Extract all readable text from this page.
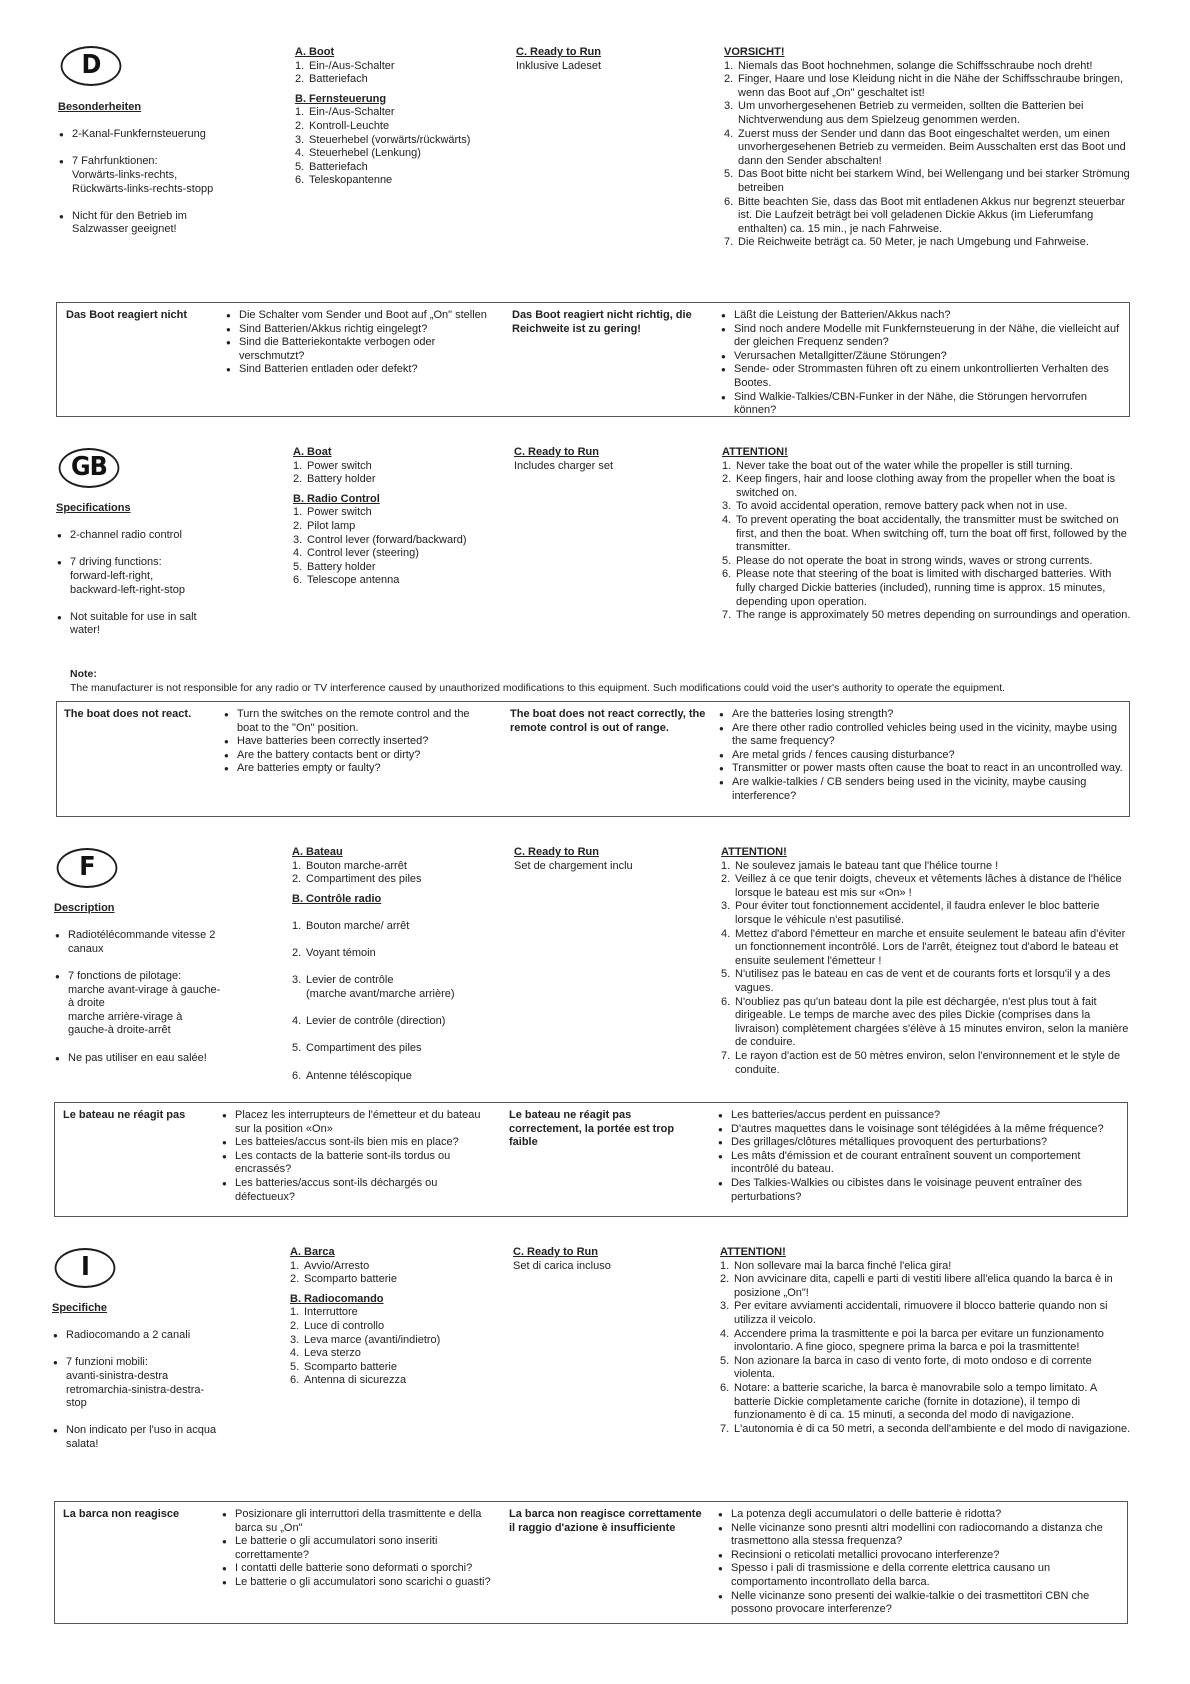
D
Besonderheiten

● 2-Kanal-Funkfernsteuerung

● 7 Fahrfunktionen:
Vorwärts-links-rechts,
Rückwärts-links-rechts-stopp

● Nicht für den Betrieb im
Salzwasser geeignet!

A. Boot
1. Ein-/Aus-Schalter
2. Batteriefach
B. Fernsteuerung
1. Ein-/Aus-Schalter
2. Kontroll-Leuchte
3. Steuerhebel (vorwärts/rückwärts)
4. Steuerhebel (Lenkung)
5. Batteriefach
6. Teleskopantenne
C. Ready to Run
Inklusive Ladeset
VORSICHT!
1. Niemals das Boot hochnehmen, solange die Schiffsschraube noch dreht!
2. Finger, Haare und lose Kleidung nicht in die Nähe der Schiffsschraube bringen, wenn das Boot auf „On" geschaltet ist!
3. Um unvorhergesehenen Betrieb zu vermeiden, sollten die Batterien bei Nichtverwendung aus dem Spielzeug genommen werden.
4. Zuerst muss der Sender und dann das Boot eingeschaltet werden, um einen unvorhergesehenen Betrieb zu vermeiden. Beim Ausschalten erst das Boot und dann den Sender abschalten!
5. Das Boot bitte nicht bei starkem Wind, bei Wellengang und bei starker Strömung betreiben
6. Bitte beachten Sie, dass das Boot mit entladenen Akkus nur begrenzt steuerbar ist. Die Laufzeit beträgt bei voll geladenen Dickie Akkus (im Lieferumfang enthalten) ca. 15 min., je nach Fahrweise.
7. Die Reichweite beträgt ca. 50 Meter, je nach Umgebung und Fahrweise.
Das Boot reagiert nicht	● Die Schalter vom Sender und Boot auf „On" stellen
● Sind Batterien/Akkus richtig eingelegt?
● Sind die Batteriekontakte verbogen oder verschmutzt?
● Sind Batterien entladen oder defekt?
Das Boot reagiert nicht richtig, die Reichweite ist zu gering!
● Läßt die Leistung der Batterien/Akkus nach?
● Sind noch andere Modelle mit Funkfernsteuerung in der Nähe, die vielleicht auf der gleichen Frequenz senden?
● Verursachen Metallgitter/Zäune Störungen?
● Sende- oder Strommasten führen oft zu einem unkontrollierten Verhalten des Bootes.
● Sind Walkie-Talkies/CBN-Funker in der Nähe, die Störungen hervorrufen können?
GB
Specifications

● 2-channel radio control

● 7 driving functions:
forward-left-right,
backward-left-right-stop

● Not suitable for use in salt
water!

A. Boat
1. Power switch
2. Battery holder
B. Radio Control
1. Power switch
2. Pilot lamp
3. Control lever (forward/backward)
4. Control lever (steering)
5. Battery holder
6. Telescope antenna
C. Ready to Run
Includes charger set
ATTENTION!
1. Never take the boat out of the water while the propeller is still turning.
2. Keep fingers, hair and loose clothing away from the propeller when the boat is switched on.
3. To avoid accidental operation, remove battery pack when not in use.
4. To prevent operating the boat accidentally, the transmitter must be switched on first, and then the boat. When switching off, turn the boat off first, followed by the transmitter.
5. Please do not operate the boat in strong winds, waves or strong currents.
6. Please note that steering of the boat is limited with discharged batteries. With fully charged Dickie batteries (included), running time is approx. 15 minutes, depending upon operation.
7. The range is approximately 50 metres depending on surroundings and operation.
Note:
The manufacturer is not responsible for any radio or TV interference caused by unauthorized modifications to this equipment. Such modifications could void the user's authority to operate the equipment.
The boat does not react.	● Turn the switches on the remote control and the boat to the "On" position.
● Have batteries been correctly inserted?
● Are the battery contacts bent or dirty?
● Are batteries empty or faulty?
The boat does not react correctly, the remote control is out of range.
● Are the batteries losing strength?
● Are there other radio controlled vehicles being used in the vicinity, maybe using the same frequency?
● Are metal grids / fences causing disturbance?
● Transmitter or power masts often cause the boat to react in an uncontrolled way.
● Are walkie-talkies / CB senders being used in the vicinity, maybe causing interference?
F
Description

● Radiotélécommande vitesse 2
canaux

● 7 fonctions de pilotage:
marche avant-virage à gauche-
à droite
marche arrière-virage à
gauche-à droite-arrêt

● Ne pas utiliser en eau salée!

A. Bateau
1. Bouton marche-arrêt
2. Compartiment des piles
B. Contrôle radio

1. Bouton marche/ arrêt

2. Voyant témoin

3. Levier de contrôle
(marche avant/marche arrière)

4. Levier de contrôle (direction)

5. Compartiment des piles

6. Antenne téléscopique

C. Ready to Run
Set de chargement inclu
ATTENTION!
1. Ne soulevez jamais le bateau tant que l'hélice tourne !
2. Veillez à ce que tenir doigts, cheveux et vêtements lâches à distance de l'hélice lorsque le bateau est mis sur «On» !
3. Pour éviter tout fonctionnement accidentel, il faudra enlever le bloc batterie lorsque le véhicule n'est pasutilisé.
4. Mettez d'abord l'émetteur en marche et ensuite seulement le bateau afin d'éviter un fonctionnement incontrôlé. Lors de l'arrêt, éteignez tout d'abord le bateau et ensuite seulement l'émetteur !
5. N'utilisez pas le bateau en cas de vent et de courants forts et lorsqu'il y a des vagues.
6. N'oubliez pas qu'un bateau dont la pile est déchargée, n'est plus tout à fait dirigeable. Le temps de marche avec des piles Dickie (comprises dans la livraison) complètement chargées s'élève à 15 minutes environ, selon la manière de conduire.
7. Le rayon d'action est de 50 mètres environ, selon l'environnement et le style de conduite.
Le bateau ne réagit pas	● Placez les interrupteurs de l'émetteur et du bateau sur la position «On»
● Les batteies/accus sont-ils bien mis en place?
● Les contacts de la batterie sont-ils tordus ou encrassés?
● Les batteries/accus sont-ils déchargés ou défectueux?
Le bateau ne réagit pas correctement, la portée est trop faible
● Les batteries/accus perdent en puissance?
● D'autres maquettes dans le voisinage sont télégidées à la même fréquence?
● Des grillages/clôtures métalliques provoquent des perturbations?
● Les mâts d'émission et de courant entraînent souvent un comportement incontrôlé du bateau.
● Des Talkies-Walkies ou cibistes dans le voisinage peuvent entraîner des perturbations?
I
Specifiche

● Radiocomando a 2 canali

● 7 funzioni mobili:
avanti-sinistra-destra
retromarchia-sinistra-destra-
stop

● Non indicato per l'uso in acqua
salata!

A. Barca
1. Avvio/Arresto
2. Scomparto batterie
B. Radiocomando
1. Interruttore
2. Luce di controllo
3. Leva marce (avanti/indietro)
4. Leva sterzo
5. Scomparto batterie
6. Antenna di sicurezza
C. Ready to Run
Set di carica incluso
ATTENTION!
1. Non sollevare mai la barca finché l'elica gira!
2. Non avvicinare dita, capelli e parti di vestiti libere all'elica quando la barca è in posizione „On"!
3. Per evitare avviamenti accidentali, rimuovere il blocco batterie quando non si utilizza il veicolo.
4. Accendere prima la trasmittente e poi la barca per evitare un funzionamento involontario. A fine gioco, spegnere prima la barca e poi la trasmittente!
5. Non azionare la barca in caso di vento forte, di moto ondoso e di corrente violenta.
6. Notare: a batterie scariche, la barca è manovrabile solo a tempo limitato. A batterie Dickie completamente cariche (fornite in dotazione), il tempo di funzionamento è di ca. 15 minuti, a seconda del modo di navigazione.
7. L'autonomia è di ca 50 metri, a seconda dell'ambiente e del modo di navigazione.
La barca non reagisce	● Posizionare gli interruttori della trasmittente e della barca su „On"
● Le batterie o gli accumulatori sono inseriti correttamente?
● I contatti delle batterie sono deformati o sporchi?
● Le batterie o gli accumulatori sono scarichi o guasti?
La barca non reagisce correttamente il raggio d'azione è insufficiente
● La potenza degli accumulatori o delle batterie è ridotta?
● Nelle vicinanze sono presnti altri modellini con radiocomando a distanza che trasmettono alla stessa frequenza?
● Recinsioni o reticolati metallici provocano interferenze?
● Spesso i pali di trasmissione e della corrente elettrica causano un comportamento incontrollato della barca.
● Nelle vicinanze sono presenti dei walkie-talkie o dei trasmettitori CBN che possono provocare interferenze?
